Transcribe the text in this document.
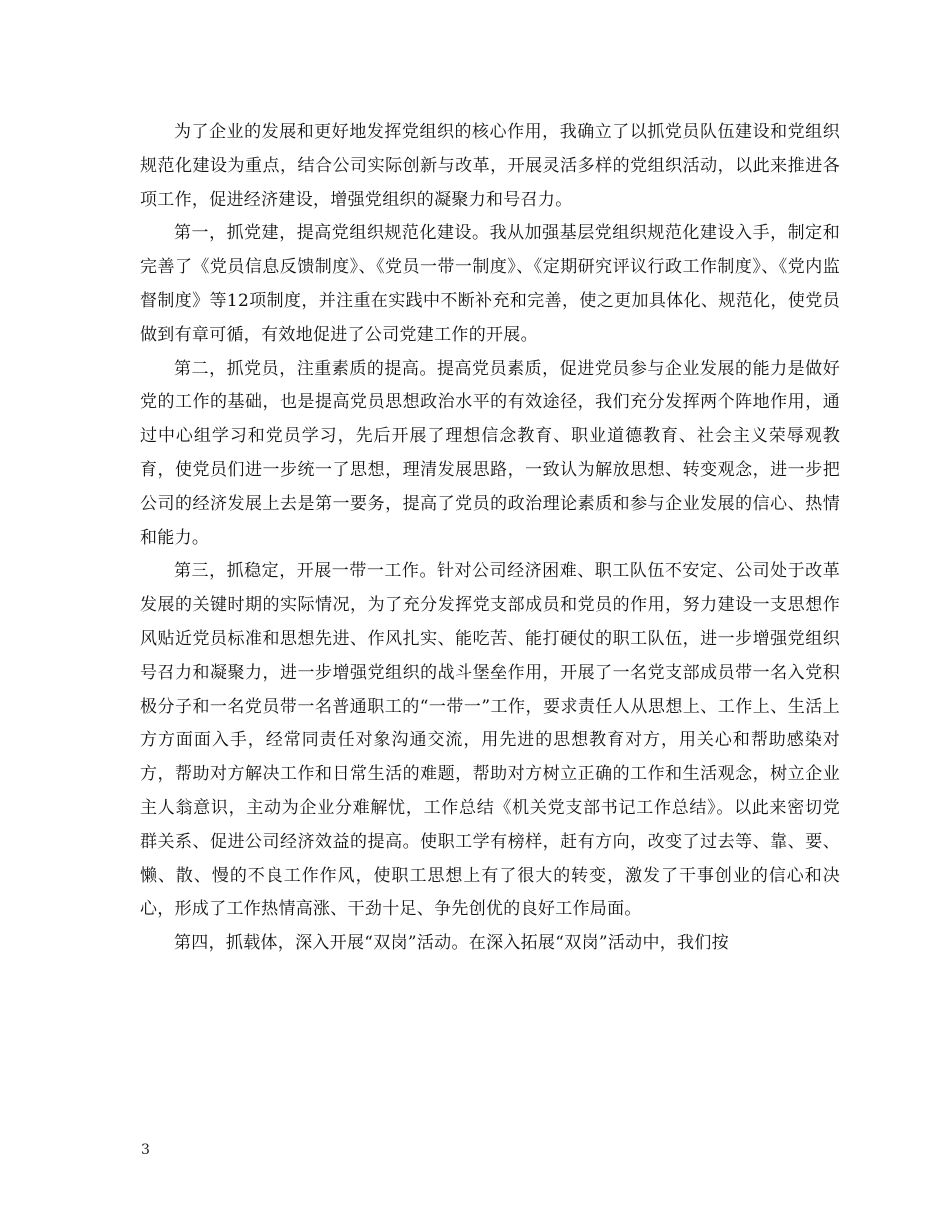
为了企业的发展和更好地发挥党组织的核心作用，我确立了以抓党员队伍建设和党组织规范化建设为重点，结合公司实际创新与改革，开展灵活多样的党组织活动，以此来推进各项工作，促进经济建设，增强党组织的凝聚力和号召力。

第一，抓党建，提高党组织规范化建设。我从加强基层党组织规范化建设入手，制定和完善了《党员信息反馈制度》、《党员一带一制度》、《定期研究评议行政工作制度》、《党内监督制度》等12项制度，并注重在实践中不断补充和完善，使之更加具体化、规范化，使党员做到有章可循，有效地促进了公司党建工作的开展。

第二，抓党员，注重素质的提高。提高党员素质，促进党员参与企业发展的能力是做好党的工作的基础，也是提高党员思想政治水平的有效途径，我们充分发挥两个阵地作用，通过中心组学习和党员学习，先后开展了理想信念教育、职业道德教育、社会主义荣辱观教育，使党员们进一步统一了思想，理清发展思路，一致认为解放思想、转变观念，进一步把公司的经济发展上去是第一要务，提高了党员的政治理论素质和参与企业发展的信心、热情和能力。

第三，抓稳定，开展一带一工作。针对公司经济困难、职工队伍不安定、公司处于改革发展的关键时期的实际情况，为了充分发挥党支部成员和党员的作用，努力建设一支思想作风贴近党员标准和思想先进、作风扎实、能吃苦、能打硬仗的职工队伍，进一步增强党组织号召力和凝聚力，进一步增强党组织的战斗堡垒作用，开展了一名党支部成员带一名入党积极分子和一名党员带一名普通职工的“一带一”工作，要求责任人从思想上、工作上、生活上方方面面入手，经常同责任对象沟通交流，用先进的思想教育对方，用关心和帮助感染对方，帮助对方解决工作和日常生活的难题，帮助对方树立正确的工作和生活观念，树立企业主人翁意识，主动为企业分难解忧，工作总结《机关党支部书记工作总结》。以此来密切党群关系、促进公司经济效益的提高。使职工学有榜样，赶有方向，改变了过去等、靠、要、懒、散、慢的不良工作作风，使职工思想上有了很大的转变，激发了干事创业的信心和决心，形成了工作热情高涨、干劲十足、争先创优的良好工作局面。

第四，抓载体，深入开展“双岗”活动。在深入拓展“双岗”活动中，我们按

3
